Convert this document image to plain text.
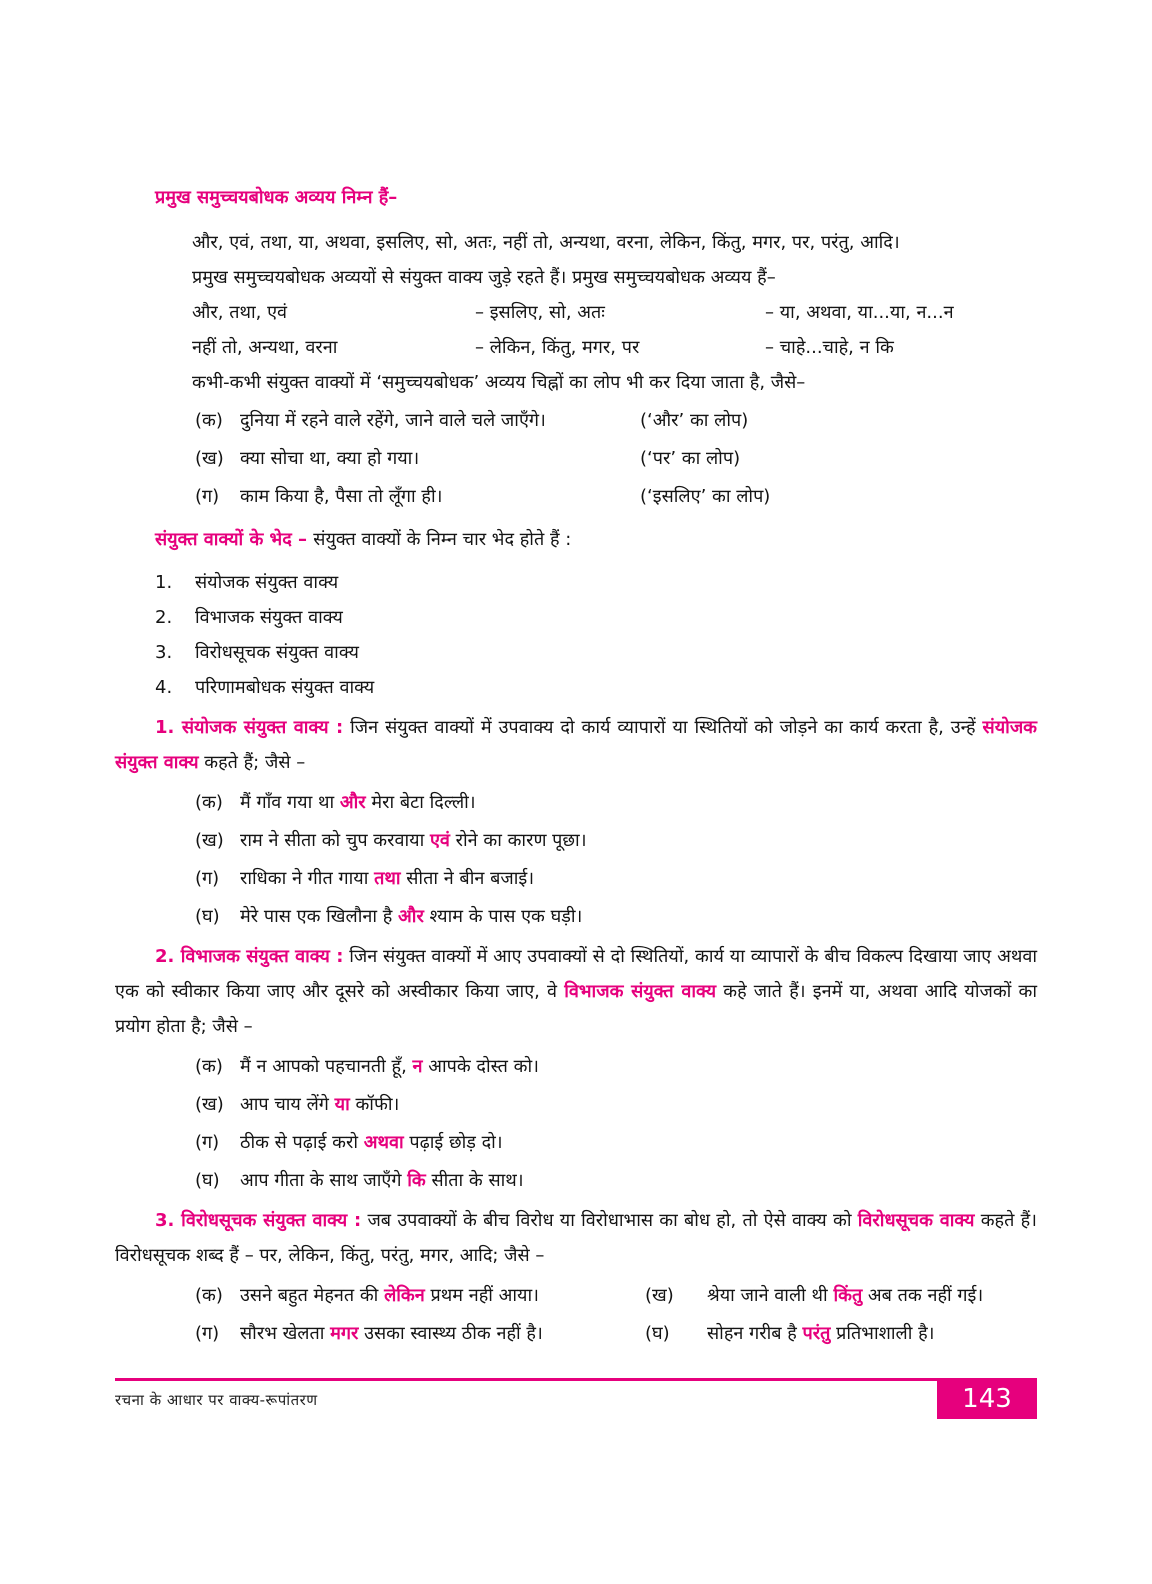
प्रमुख समुच्चयबोधक अव्यय निम्न हैं–
और, एवं, तथा, या, अथवा, इसलिए, सो, अतः, नहीं तो, अन्यथा, वरना, लेकिन, किंतु, मगर, पर, परंतु, आदि।
प्रमुख समुच्चयबोधक अव्ययों से संयुक्त वाक्य जुड़े रहते हैं। प्रमुख समुच्चयबोधक अव्यय हैं–
और, तथा, एवं	– इसलिए, सो, अतः	– या, अथवा, या...या, न...न
नहीं तो, अन्यथा, वरना	– लेकिन, किंतु, मगर, पर	– चाहे...चाहे, न कि
कभी-कभी संयुक्त वाक्यों में ‘समुच्चयबोधक’ अव्यय चिह्नों का लोप भी कर दिया जाता है, जैसे–
(क) दुनिया में रहने वाले रहेंगे, जाने वाले चले जाएँगे।	(‘और’ का लोप)
(ख) क्या सोचा था, क्या हो गया।	(‘पर’ का लोप)
(ग)	काम किया है, पैसा तो लूँगा ही।	(‘इसलिए’ का लोप)
संयुक्त वाक्यों के भेद – संयुक्त वाक्यों के निम्न चार भेद होते हैं :
1.	संयोजक संयुक्त वाक्य
2.	विभाजक संयुक्त वाक्य
3.	विरोधसूचक संयुक्त वाक्य
4.	परिणामबोधक संयुक्त वाक्य
1. संयोजक संयुक्त वाक्य : जिन संयुक्त वाक्यों में उपवाक्य दो कार्य व्यापारों या स्थितियों को जोड़ने का कार्य करता है, उन्हें संयोजक संयुक्त वाक्य कहते हैं; जैसे –
(क) मैं गाँव गया था और मेरा बेटा दिल्ली।
(ख) राम ने सीता को चुप करवाया एवं रोने का कारण पूछा।
(ग)	राधिका ने गीत गाया तथा सीता ने बीन बजाई।
(घ)	मेरे पास एक खिलौना है और श्याम के पास एक घड़ी।
2. विभाजक संयुक्त वाक्य : जिन संयुक्त वाक्यों में आए उपवाक्यों से दो स्थितियों, कार्य या व्यापारों के बीच विकल्प दिखाया जाए अथवा एक को स्वीकार किया जाए और दूसरे को अस्वीकार किया जाए, वे विभाजक संयुक्त वाक्य कहे जाते हैं। इनमें या, अथवा आदि योजकों का प्रयोग होता है; जैसे –
(क) मैं न आपको पहचानती हूँ, न आपके दोस्त को।
(ख) आप चाय लेंगे या कॉफी।
(ग)	ठीक से पढ़ाई करो अथवा पढ़ाई छोड़ दो।
(घ)	आप गीता के साथ जाएँगे कि सीता के साथ।
3. विरोधसूचक संयुक्त वाक्य : जब उपवाक्यों के बीच विरोध या विरोधाभास का बोध हो, तो ऐसे वाक्य को विरोधसूचक वाक्य कहते हैं। विरोधसूचक शब्द हैं – पर, लेकिन, किंतु, परंतु, मगर, आदि; जैसे –
(क) उसने बहुत मेहनत की लेकिन प्रथम नहीं आया।	(ख)	श्रेया जाने वाली थी किंतु अब तक नहीं गई।
(ग)	सौरभ खेलता मगर उसका स्वास्थ्य ठीक नहीं है।	(घ)	सोहन गरीब है परंतु प्रतिभाशाली है।
रचना के आधार पर वाक्य-रूपांतरण	143
